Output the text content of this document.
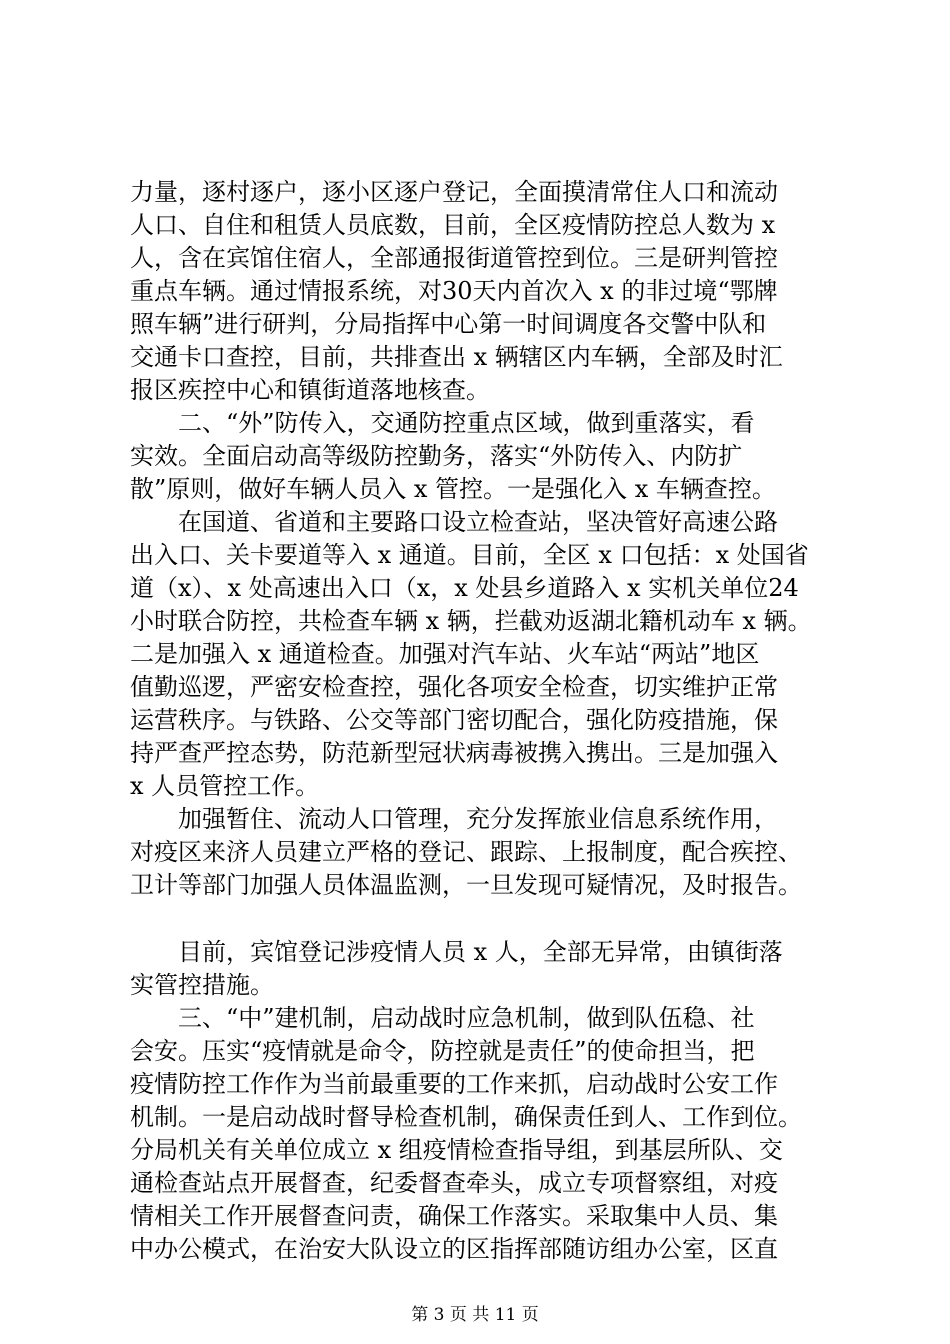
力量，逐村逐户，逐小区逐户登记，全面摸清常住人口和流动

人口、自住和租赁人员底数，目前，全区疫情防控总人数为 x

人，含在宾馆住宿人，全部通报街道管控到位。三是研判管控

重点车辆。通过情报系统，对30天内首次入 x 的非过境“鄂牌

照车辆”进行研判，分局指挥中心第一时间调度各交警中队和

交通卡口查控，目前，共排查出 x 辆辖区内车辆，全部及时汇

报区疾控中心和镇街道落地核查。

　　二、“外”防传入，交通防控重点区域，做到重落实，看

实效。全面启动高等级防控勤务，落实“外防传入、内防扩

散”原则，做好车辆人员入 x 管控。一是强化入 x 车辆查控。

　　在国道、省道和主要路口设立检查站，坚决管好高速公路

出入口、关卡要道等入 x 通道。目前，全区 x 口包括：x 处国省

道（x）、x 处高速出入口（x，x 处县乡道路入 x 实机关单位24

小时联合防控，共检查车辆 x 辆，拦截劝返湖北籍机动车 x 辆。

二是加强入 x 通道检查。加强对汽车站、火车站“两站”地区

值勤巡逻，严密安检查控，强化各项安全检查，切实维护正常

运营秩序。与铁路、公交等部门密切配合，强化防疫措施，保

持严查严控态势，防范新型冠状病毒被携入携出。三是加强入

x 人员管控工作。

　　加强暂住、流动人口管理，充分发挥旅业信息系统作用，

对疫区来济人员建立严格的登记、跟踪、上报制度，配合疾控、

卫计等部门加强人员体温监测，一旦发现可疑情况，及时报告。

　　目前，宾馆登记涉疫情人员 x 人，全部无异常，由镇街落

实管控措施。

　　三、“中”建机制，启动战时应急机制，做到队伍稳、社

会安。压实“疫情就是命令，防控就是责任”的使命担当，把

疫情防控工作作为当前最重要的工作来抓，启动战时公安工作

机制。一是启动战时督导检查机制，确保责任到人、工作到位。

分局机关有关单位成立 x 组疫情检查指导组，到基层所队、交

通检查站点开展督查，纪委督查牵头，成立专项督察组，对疫

情相关工作开展督查问责，确保工作落实。采取集中人员、集

中办公模式，在治安大队设立的区指挥部随访组办公室，区直

第 3 页 共 11 页
